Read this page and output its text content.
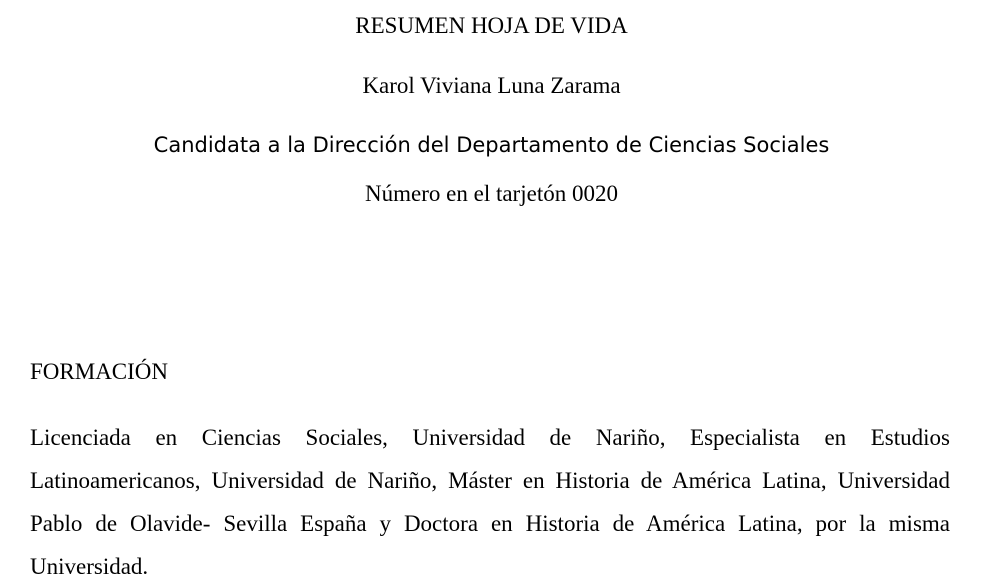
RESUMEN HOJA DE VIDA
Karol Viviana Luna Zarama
Candidata a la Dirección del Departamento de Ciencias Sociales
Número en el tarjetón 0020
FORMACIÓN
Licenciada en Ciencias Sociales, Universidad de Nariño, Especialista en Estudios Latinoamericanos, Universidad de Nariño, Máster en Historia de América Latina, Universidad Pablo de Olavide- Sevilla España y Doctora en Historia de América Latina, por la misma Universidad.
